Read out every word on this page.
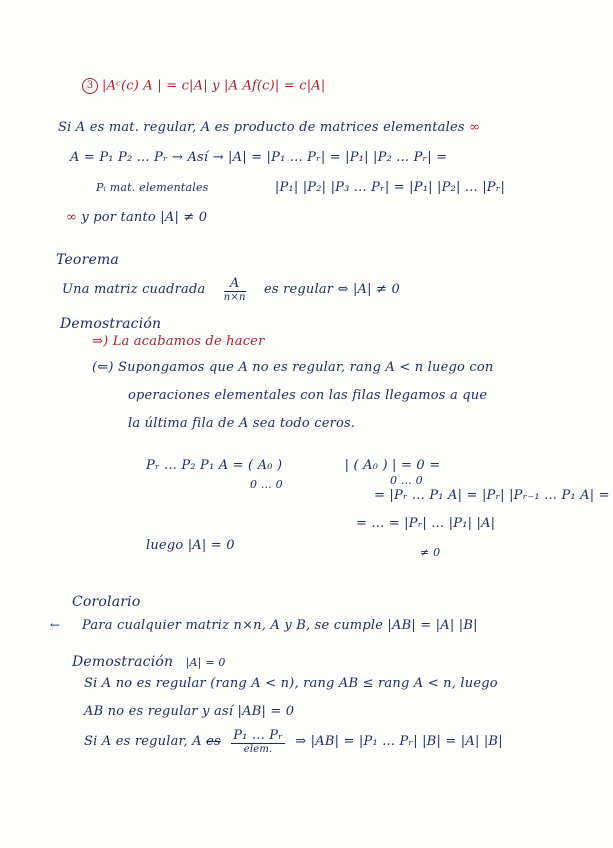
3 |Aᶜ(c) A | = c|A| y |A Af(c)| = c|A|
Si A es mat. regular, A es producto de matrices elementales ∞
A = P₁ P₂ ... Pᵣ → Así → |A| = |P₁ ... Pᵣ| = |P₁| |P₂ ... Pᵣ| =
Pᵢ mat. elementales	|P₁| |P₂| |P₃ ... Pᵣ| = |P₁| |P₂| ... |Pᵣ|
∞ y por tanto |A| ≠ 0
Teorema
Una matriz cuadrada $\frac{A}{n\times n}$ es regular ⇔ |A| ≠ 0
Demostración
⇒) La acabamos de hacer
(⇐) Supongamos que A no es regular, rang A < n luego con
operaciones elementales con las filas llegamos a que
la última fila de A sea todo ceros.
Pᵣ ... P₂ P₁ A = ( A₀ )	| ( A₀ ) | = 0 =
0 ... 0	0 ... 0
= |Pᵣ ... P₁ A| = |Pᵣ| |Pᵣ₋₁ ... P₁ A| =
= ... = |Pᵣ| ... |P₁| |A|
≠ 0
luego |A| = 0
Corolario
← Para cualquier matriz n×n, A y B, se cumple |AB| = |A| |B|
Demostración |A| = 0
Si A no es regular (rang A < n), rang AB ≤ rang A < n, luego
AB no es regular y así |AB| = 0
Si A es regular, A es $\frac{\text{P₁ ... Pᵣ}}{\text{elem.}}$ ⇒ |AB| = |P₁ ... Pᵣ| |B| = |A| |B|
